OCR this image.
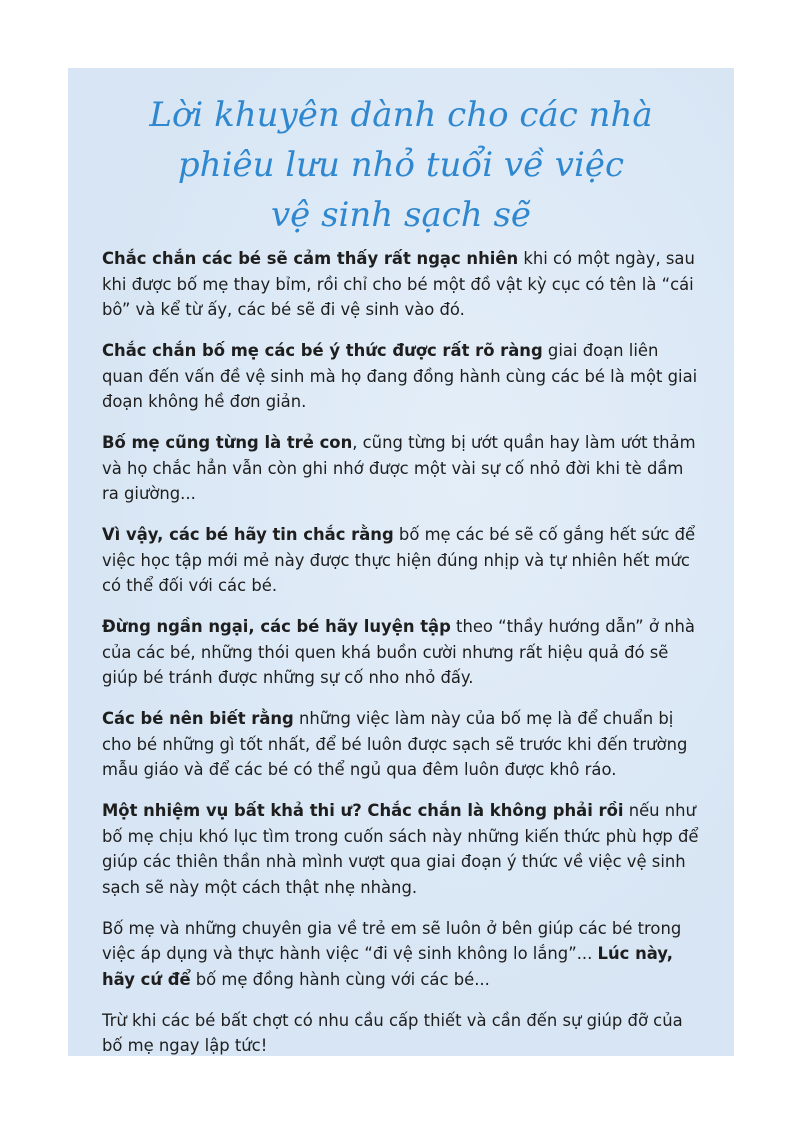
Lời khuyên dành cho các nhà
phiêu lưu nhỏ tuổi về việc
vệ sinh sạch sẽ

Chắc chắn các bé sẽ cảm thấy rất ngạc nhiên khi có một ngày, sau khi được bố mẹ thay bỉm, rồi chỉ cho bé một đồ vật kỳ cục có tên là “cái bô” và kể từ ấy, các bé sẽ đi vệ sinh vào đó.

Chắc chắn bố mẹ các bé ý thức được rất rõ ràng giai đoạn liên quan đến vấn đề vệ sinh mà họ đang đồng hành cùng các bé là một giai đoạn không hề đơn giản.

Bố mẹ cũng từng là trẻ con, cũng từng bị ướt quần hay làm ướt thảm và họ chắc hẳn vẫn còn ghi nhớ được một vài sự cố nhỏ đời khi tè dầm ra giường...

Vì vậy, các bé hãy tin chắc rằng bố mẹ các bé sẽ cố gắng hết sức để việc học tập mới mẻ này được thực hiện đúng nhịp và tự nhiên hết mức có thể đối với các bé.

Đừng ngần ngại, các bé hãy luyện tập theo “thầy hướng dẫn” ở nhà của các bé, những thói quen khá buồn cười nhưng rất hiệu quả đó sẽ giúp bé tránh được những sự cố nho nhỏ đấy.

Các bé nên biết rằng những việc làm này của bố mẹ là để chuẩn bị cho bé những gì tốt nhất, để bé luôn được sạch sẽ trước khi đến trường mẫu giáo và để các bé có thể ngủ qua đêm luôn được khô ráo.

Một nhiệm vụ bất khả thi ư? Chắc chắn là không phải rồi nếu như bố mẹ chịu khó lục tìm trong cuốn sách này những kiến thức phù hợp để giúp các thiên thần nhà mình vượt qua giai đoạn ý thức về việc vệ sinh sạch sẽ này một cách thật nhẹ nhàng.

Bố mẹ và những chuyên gia về trẻ em sẽ luôn ở bên giúp các bé trong việc áp dụng và thực hành việc “đi vệ sinh không lo lắng”... Lúc này, hãy cứ để bố mẹ đồng hành cùng với các bé...

Trừ khi các bé bất chợt có nhu cầu cấp thiết và cần đến sự giúp đỡ của bố mẹ ngay lập tức!
